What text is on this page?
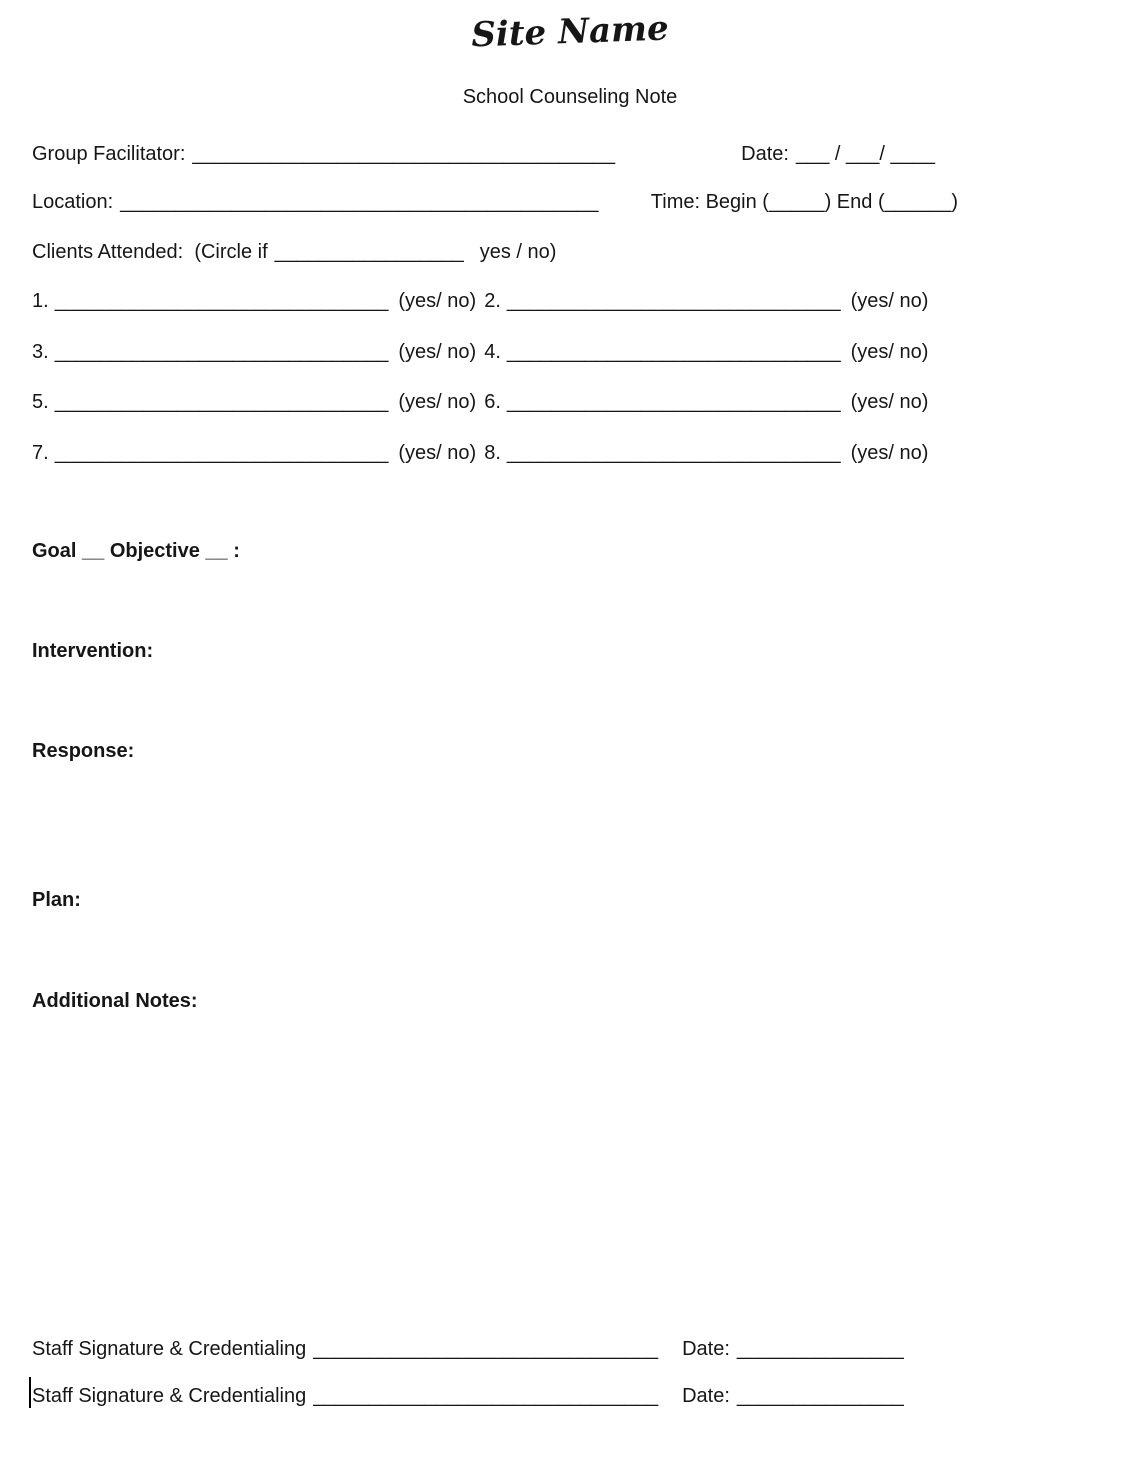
Site Name
School Counseling Note
Group Facilitator: ______________________________________	Date: ___ / ___/ ____
Location: ___________________________________________	Time: Begin (_____) End (______)
Clients Attended:  (Circle if _________________ yes / no)
1. ______________________________ (yes/ no) 2. ______________________________ (yes/ no)
3. ______________________________ (yes/ no) 4. ______________________________ (yes/ no)
5. ______________________________ (yes/ no) 6. ______________________________ (yes/ no)
7. ______________________________ (yes/ no) 8. ______________________________ (yes/ no)
Goal __ Objective __ :
Intervention:
Response:
Plan:
Additional Notes:
Staff Signature & Credentialing _______________________________ Date: _______________
Staff Signature & Credentialing _______________________________ Date: _______________
